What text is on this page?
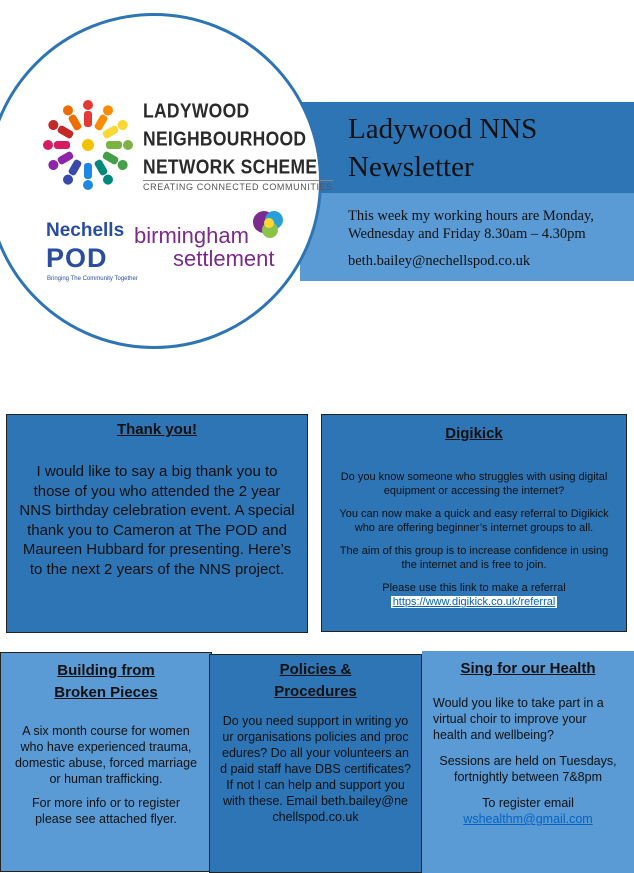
Ladywood NNS
Newsletter
This week my working hours are Monday, Wednesday and Friday 8.30am – 4.30pm
beth.bailey@nechellspod.co.uk
LADYWOOD
NEIGHBOURHOOD
NETWORK SCHEME
CREATING CONNECTED COMMUNITIES
Nechells
POD
Bringing The Community Together
birmingham
settlement
Thank you!
I would like to say a big thank you to those of you who attended the 2 year NNS birthday celebration event. A special thank you to Cameron at The POD and Maureen Hubbard for presenting. Here’s to the next 2 years of the NNS project.
Digikick
Do you know someone who struggles with using digital equipment or accessing the internet?
You can now make a quick and easy referral to Digikick who are offering beginner’s internet groups to all.
The aim of this group is to increase confidence in using the internet and is free to join.
Please use this link to make a referral
https://www.digikick.co.uk/referral
Building from
Broken Pieces
A six month course for women who have experienced trauma, domestic abuse, forced marriage or human trafficking.
For more info or to register please see attached flyer.
Policies &
Procedures
Do you need support in writing your organisations policies and procedures? Do all your volunteers and paid staff have DBS certificates? If not I can help and support you with these. Email beth.bailey@nechellspod.co.uk
Sing for our Health
Would you like to take part in a virtual choir to improve your health and wellbeing?
Sessions are held on Tuesdays, fortnightly between 7&8pm
To register email
wshealthm@gmail.com
